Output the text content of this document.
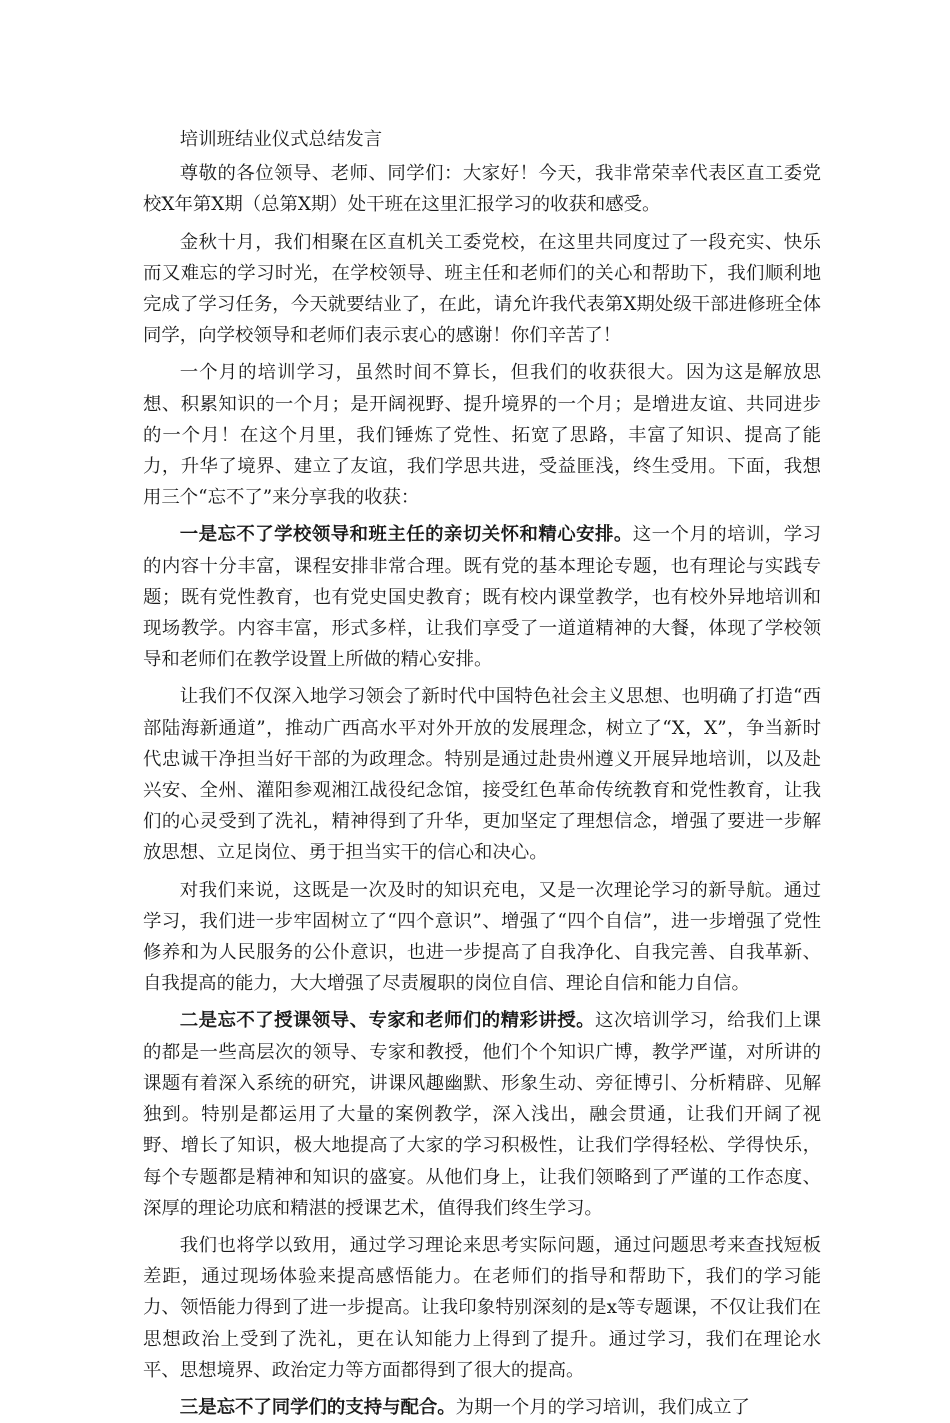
培训班结业仪式总结发言

尊敬的各位领导、老师、同学们：大家好！今天，我非常荣幸代表区直工委党校X年第X期（总第X期）处干班在这里汇报学习的收获和感受。

金秋十月，我们相聚在区直机关工委党校，在这里共同度过了一段充实、快乐而又难忘的学习时光，在学校领导、班主任和老师们的关心和帮助下，我们顺利地完成了学习任务，今天就要结业了，在此，请允许我代表第X期处级干部进修班全体同学，向学校领导和老师们表示衷心的感谢！你们辛苦了！

一个月的培训学习，虽然时间不算长，但我们的收获很大。因为这是解放思想、积累知识的一个月；是开阔视野、提升境界的一个月；是增进友谊、共同进步的一个月！在这个月里，我们锤炼了党性、拓宽了思路，丰富了知识、提高了能力，升华了境界、建立了友谊，我们学思共进，受益匪浅，终生受用。下面，我想用三个“忘不了”来分享我的收获：

一是忘不了学校领导和班主任的亲切关怀和精心安排。这一个月的培训，学习的内容十分丰富，课程安排非常合理。既有党的基本理论专题，也有理论与实践专题；既有党性教育，也有党史国史教育；既有校内课堂教学，也有校外异地培训和现场教学。内容丰富，形式多样，让我们享受了一道道精神的大餐，体现了学校领导和老师们在教学设置上所做的精心安排。

让我们不仅深入地学习领会了新时代中国特色社会主义思想、也明确了打造“西部陆海新通道”，推动广西高水平对外开放的发展理念，树立了“X，X”，争当新时代忠诚干净担当好干部的为政理念。特别是通过赴贵州遵义开展异地培训，以及赴兴安、全州、灌阳参观湘江战役纪念馆，接受红色革命传统教育和党性教育，让我们的心灵受到了洗礼，精神得到了升华，更加坚定了理想信念，增强了要进一步解放思想、立足岗位、勇于担当实干的信心和决心。

对我们来说，这既是一次及时的知识充电，又是一次理论学习的新导航。通过学习，我们进一步牢固树立了“四个意识”、增强了“四个自信”，进一步增强了党性修养和为人民服务的公仆意识，也进一步提高了自我净化、自我完善、自我革新、自我提高的能力，大大增强了尽责履职的岗位自信、理论自信和能力自信。

二是忘不了授课领导、专家和老师们的精彩讲授。这次培训学习，给我们上课的都是一些高层次的领导、专家和教授，他们个个知识广博，教学严谨，对所讲的课题有着深入系统的研究，讲课风趣幽默、形象生动、旁征博引、分析精辟、见解独到。特别是都运用了大量的案例教学，深入浅出，融会贯通，让我们开阔了视野、增长了知识，极大地提高了大家的学习积极性，让我们学得轻松、学得快乐，每个专题都是精神和知识的盛宴。从他们身上，让我们领略到了严谨的工作态度、深厚的理论功底和精湛的授课艺术，值得我们终生学习。

我们也将学以致用，通过学习理论来思考实际问题，通过问题思考来查找短板差距，通过现场体验来提高感悟能力。在老师们的指导和帮助下，我们的学习能力、领悟能力得到了进一步提高。让我印象特别深刻的是x等专题课，不仅让我们在思想政治上受到了洗礼，更在认知能力上得到了提升。通过学习，我们在理论水平、思想境界、政治定力等方面都得到了很大的提高。

三是忘不了同学们的支持与配合。为期一个月的学习培训，我们成立了
